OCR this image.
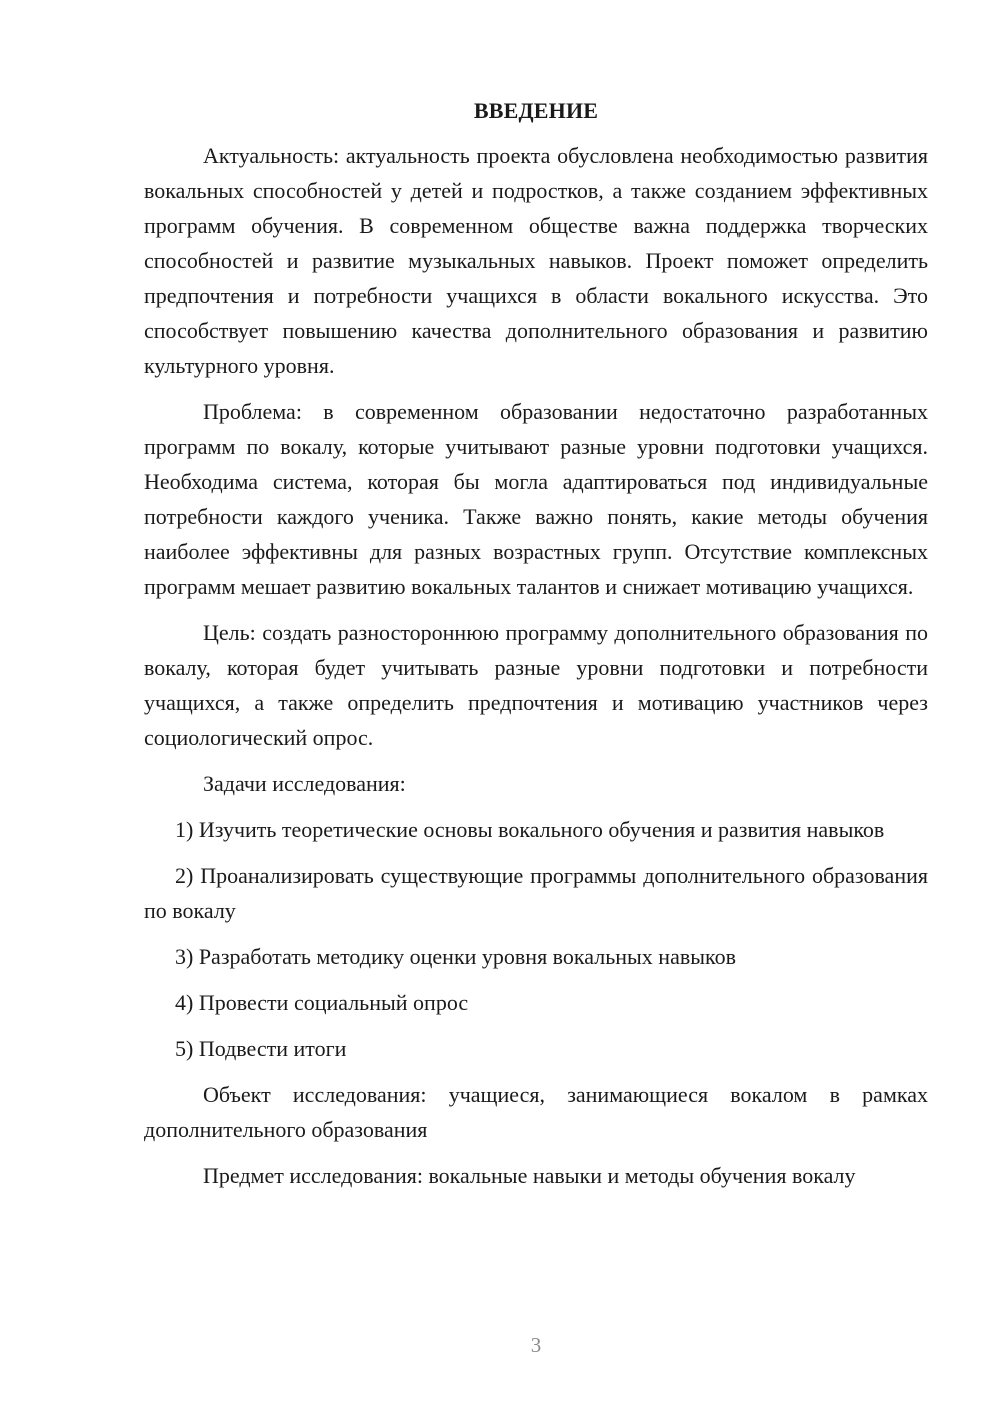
ВВЕДЕНИЕ

Актуальность: актуальность проекта обусловлена необходимостью развития вокальных способностей у детей и подростков, а также созданием эффективных программ обучения. В современном обществе важна поддержка творческих способностей и развитие музыкальных навыков. Проект поможет определить предпочтения и потребности учащихся в области вокального искусства. Это способствует повышению качества дополнительного образования и развитию культурного уровня.

Проблема: в современном образовании недостаточно разработанных программ по вокалу, которые учитывают разные уровни подготовки учащихся. Необходима система, которая бы могла адаптироваться под индивидуальные потребности каждого ученика. Также важно понять, какие методы обучения наиболее эффективны для разных возрастных групп. Отсутствие комплексных программ мешает развитию вокальных талантов и снижает мотивацию учащихся.

Цель: создать разностороннюю программу дополнительного образования по вокалу, которая будет учитывать разные уровни подготовки и потребности учащихся, а также определить предпочтения и мотивацию участников через социологический опрос.

Задачи исследования:

1) Изучить теоретические основы вокального обучения и развития навыков

2) Проанализировать существующие программы дополнительного образования по вокалу

3) Разработать методику оценки уровня вокальных навыков

4) Провести социальный опрос

5) Подвести итоги

Объект исследования: учащиеся, занимающиеся вокалом в рамках дополнительного образования

Предмет исследования: вокальные навыки и методы обучения вокалу

3
